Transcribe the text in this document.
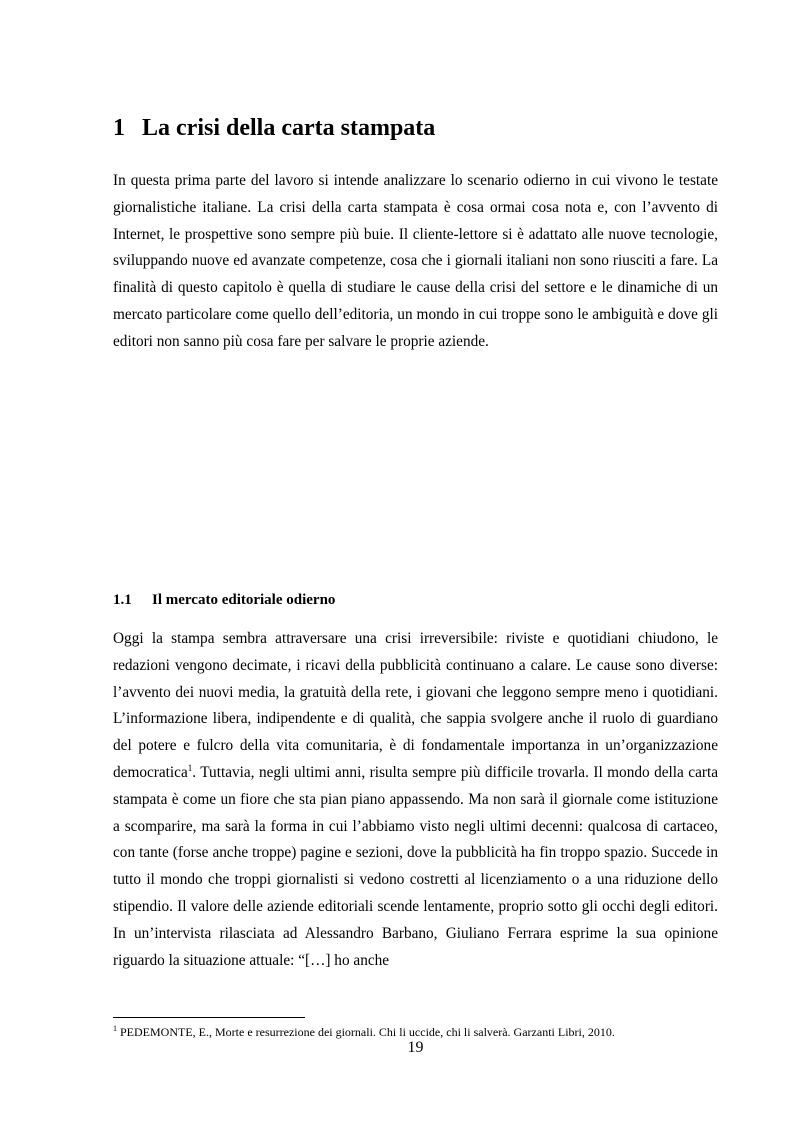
1 La crisi della carta stampata

In questa prima parte del lavoro si intende analizzare lo scenario odierno in cui vivono le testate giornalistiche italiane. La crisi della carta stampata è cosa ormai cosa nota e, con l’avvento di Internet, le prospettive sono sempre più buie. Il cliente-lettore si è adattato alle nuove tecnologie, sviluppando nuove ed avanzate competenze, cosa che i giornali italiani non sono riusciti a fare. La finalità di questo capitolo è quella di studiare le cause della crisi del settore e le dinamiche di un mercato particolare come quello dell’editoria, un mondo in cui troppe sono le ambiguità e dove gli editori non sanno più cosa fare per salvare le proprie aziende.

1.1 Il mercato editoriale odierno

Oggi la stampa sembra attraversare una crisi irreversibile: riviste e quotidiani chiudono, le redazioni vengono decimate, i ricavi della pubblicità continuano a calare. Le cause sono diverse: l’avvento dei nuovi media, la gratuità della rete, i giovani che leggono sempre meno i quotidiani. L’informazione libera, indipendente e di qualità, che sappia svolgere anche il ruolo di guardiano del potere e fulcro della vita comunitaria, è di fondamentale importanza in un’organizzazione democratica$^1$. Tuttavia, negli ultimi anni, risulta sempre più difficile trovarla. Il mondo della carta stampata è come un fiore che sta pian piano appassendo. Ma non sarà il giornale come istituzione a scomparire, ma sarà la forma in cui l’abbiamo visto negli ultimi decenni: qualcosa di cartaceo, con tante (forse anche troppe) pagine e sezioni, dove la pubblicità ha fin troppo spazio. Succede in tutto il mondo che troppi giornalisti si vedono costretti al licenziamento o a una riduzione dello stipendio. Il valore delle aziende editoriali scende lentamente, proprio sotto gli occhi degli editori. In un’intervista rilasciata ad Alessandro Barbano, Giuliano Ferrara esprime la sua opinione riguardo la situazione attuale: “[…] ho anche

$^1$ PEDEMONTE, E., Morte e resurrezione dei giornali. Chi li uccide, chi li salverà. Garzanti Libri, 2010.

19
